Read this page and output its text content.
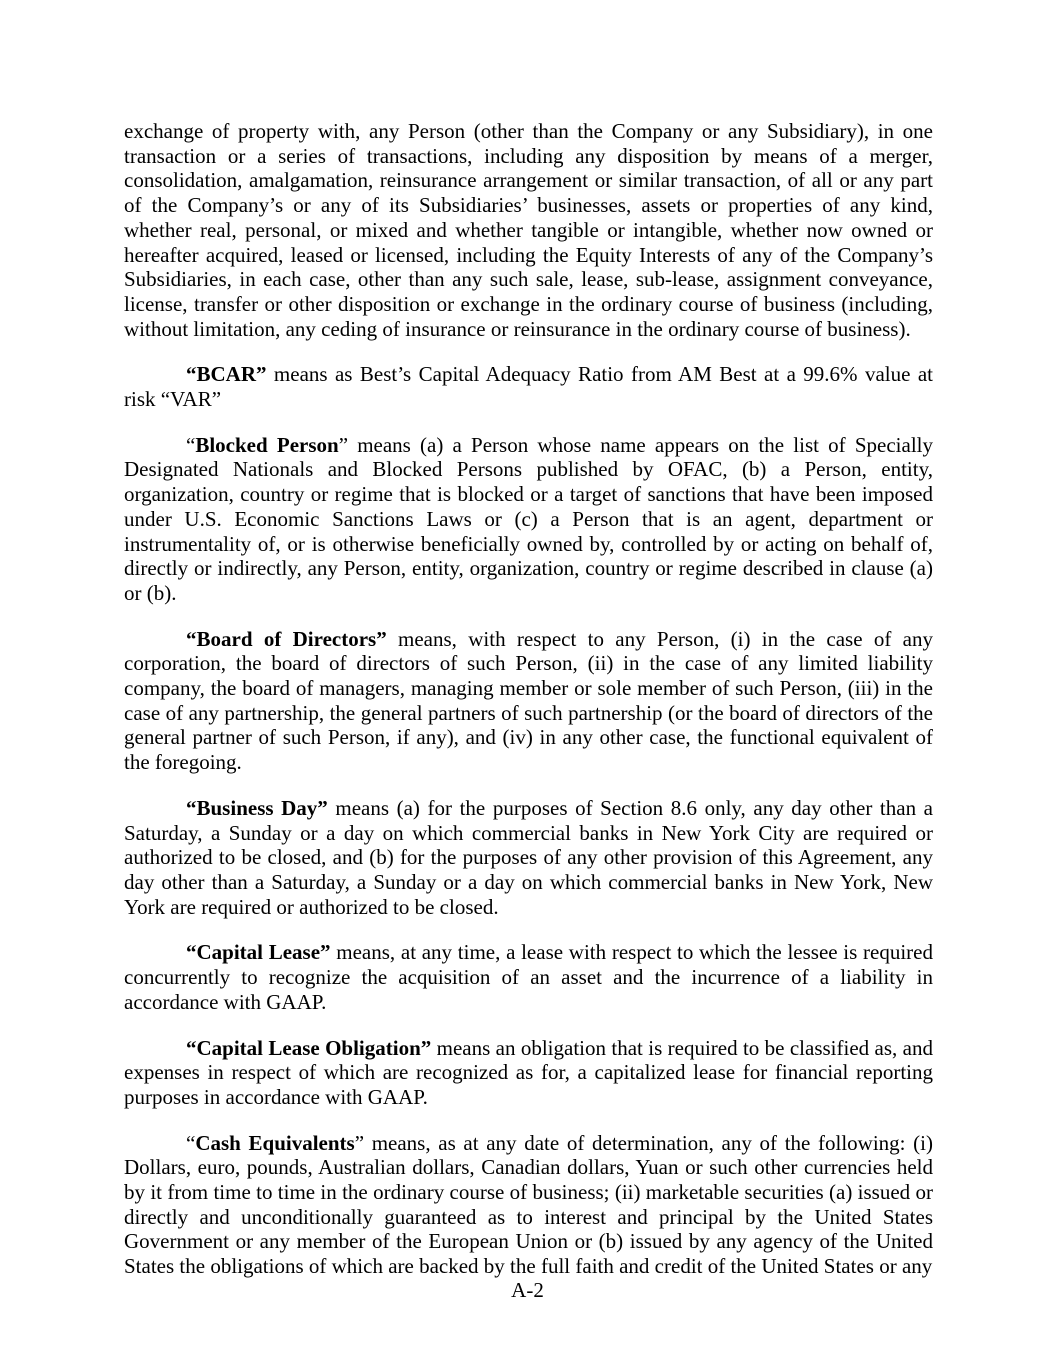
exchange of property with, any Person (other than the Company or any Subsidiary), in one transaction or a series of transactions, including any disposition by means of a merger, consolidation, amalgamation, reinsurance arrangement or similar transaction, of all or any part of the Company’s or any of its Subsidiaries’ businesses, assets or properties of any kind, whether real, personal, or mixed and whether tangible or intangible, whether now owned or hereafter acquired, leased or licensed, including the Equity Interests of any of the Company’s Subsidiaries, in each case, other than any such sale, lease, sub-lease, assignment conveyance, license, transfer or other disposition or exchange in the ordinary course of business (including, without limitation, any ceding of insurance or reinsurance in the ordinary course of business).

“BCAR” means as Best’s Capital Adequacy Ratio from AM Best at a 99.6% value at risk “VAR”

“Blocked Person” means (a) a Person whose name appears on the list of Specially Designated Nationals and Blocked Persons published by OFAC, (b) a Person, entity, organization, country or regime that is blocked or a target of sanctions that have been imposed under U.S. Economic Sanctions Laws or (c) a Person that is an agent, department or instrumentality of, or is otherwise beneficially owned by, controlled by or acting on behalf of, directly or indirectly, any Person, entity, organization, country or regime described in clause (a) or (b).

“Board of Directors” means, with respect to any Person, (i) in the case of any corporation, the board of directors of such Person, (ii) in the case of any limited liability company, the board of managers, managing member or sole member of such Person, (iii) in the case of any partnership, the general partners of such partnership (or the board of directors of the general partner of such Person, if any), and (iv) in any other case, the functional equivalent of the foregoing.

“Business Day” means (a) for the purposes of Section 8.6 only, any day other than a Saturday, a Sunday or a day on which commercial banks in New York City are required or authorized to be closed, and (b) for the purposes of any other provision of this Agreement, any day other than a Saturday, a Sunday or a day on which commercial banks in New York, New York are required or authorized to be closed.

“Capital Lease” means, at any time, a lease with respect to which the lessee is required concurrently to recognize the acquisition of an asset and the incurrence of a liability in accordance with GAAP.

“Capital Lease Obligation” means an obligation that is required to be classified as, and expenses in respect of which are recognized as for, a capitalized lease for financial reporting purposes in accordance with GAAP.

“Cash Equivalents” means, as at any date of determination, any of the following: (i) Dollars, euro, pounds, Australian dollars, Canadian dollars, Yuan or such other currencies held by it from time to time in the ordinary course of business; (ii) marketable securities (a) issued or directly and unconditionally guaranteed as to interest and principal by the United States Government or any member of the European Union or (b) issued by any agency of the United States the obligations of which are backed by the full faith and credit of the United States or any

A-2
